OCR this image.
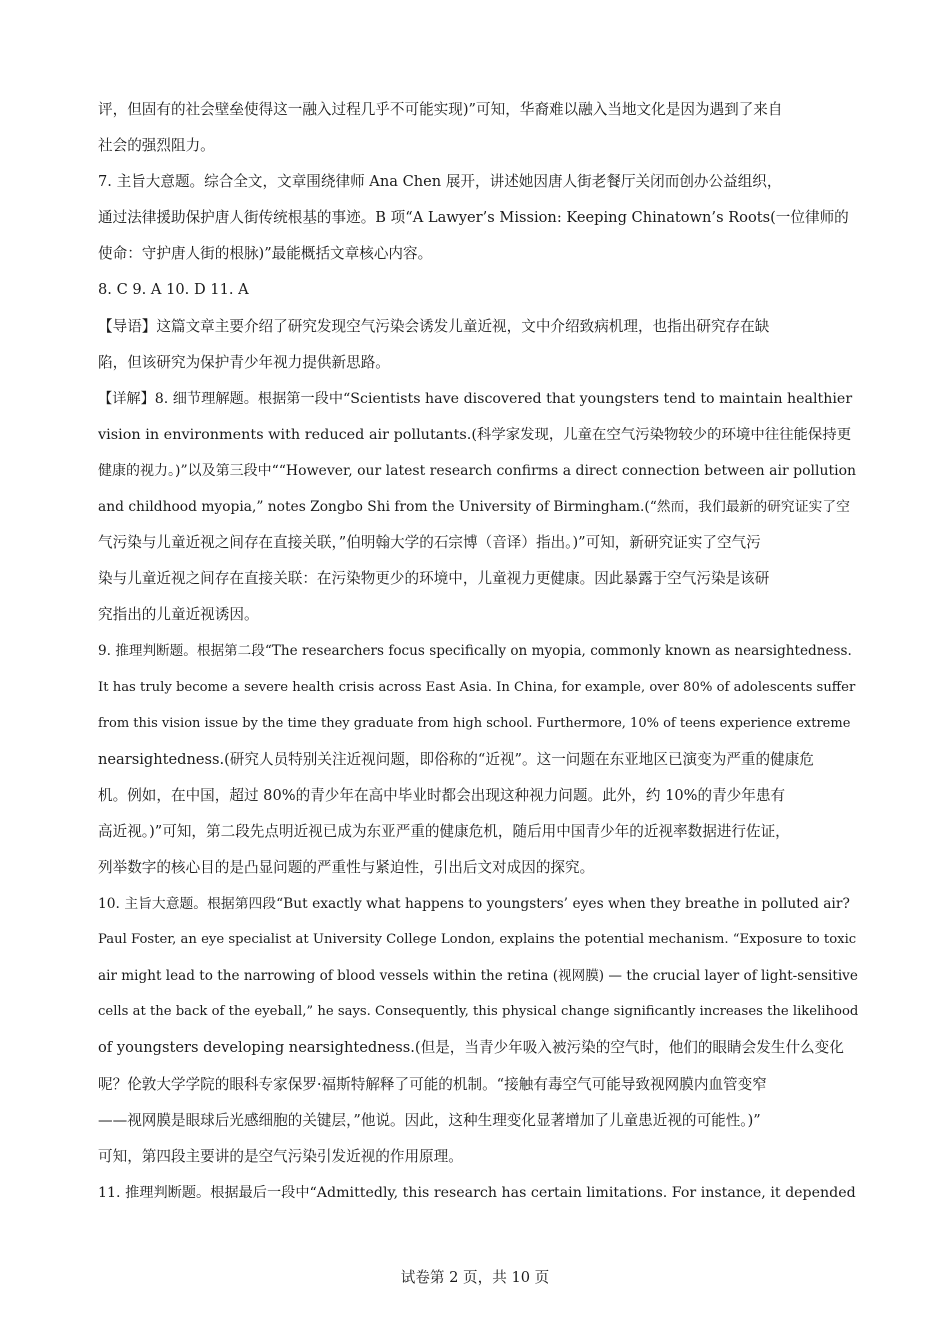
评，但固有的社会壁垒使得这一融入过程几乎不可能实现)”可知，华裔难以融入当地文化是因为遇到了来自
社会的强烈阻力。
7. 主旨大意题。综合全文，文章围绕律师 Ana Chen 展开，讲述她因唐人街老餐厅关闭而创办公益组织，
通过法律援助保护唐人街传统根基的事迹。B 项“A Lawyer’s Mission: Keeping Chinatown’s Roots(一位律师的
使命：守护唐人街的根脉)”最能概括文章核心内容。
8. C 9. A 10. D 11. A
【导语】这篇文章主要介绍了研究发现空气污染会诱发儿童近视，文中介绍致病机理，也指出研究存在缺
陷，但该研究为保护青少年视力提供新思路。
【详解】8. 细节理解题。根据第一段中“Scientists have discovered that youngsters tend to maintain healthier
vision in environments with reduced air pollutants.(科学家发现，儿童在空气污染物较少的环境中往往能保持更
健康的视力。)”以及第三段中““However, our latest research confirms a direct connection between air pollution
and childhood myopia,” notes Zongbo Shi from the University of Birmingham.(“然而，我们最新的研究证实了空
气污染与儿童近视之间存在直接关联，”伯明翰大学的石宗博（音译）指出。)”可知，新研究证实了空气污
染与儿童近视之间存在直接关联：在污染物更少的环境中，儿童视力更健康。因此暴露于空气污染是该研
究指出的儿童近视诱因。
9. 推理判断题。根据第二段“The researchers focus specifically on myopia, commonly known as nearsightedness.
It has truly become a severe health crisis across East Asia. In China, for example, over 80% of adolescents suffer
from this vision issue by the time they graduate from high school. Furthermore, 10% of teens experience extreme
nearsightedness.(研究人员特别关注近视问题，即俗称的“近视”。这一问题在东亚地区已演变为严重的健康危
机。例如，在中国，超过 80%的青少年在高中毕业时都会出现这种视力问题。此外，约 10%的青少年患有
高近视。)”可知，第二段先点明近视已成为东亚严重的健康危机，随后用中国青少年的近视率数据进行佐证，
列举数字的核心目的是凸显问题的严重性与紧迫性，引出后文对成因的探究。
10. 主旨大意题。根据第四段“But exactly what happens to youngsters’ eyes when they breathe in polluted air?
Paul Foster, an eye specialist at University College London, explains the potential mechanism. “Exposure to toxic
air might lead to the narrowing of blood vessels within the retina (视网膜) — the crucial layer of light-sensitive
cells at the back of the eyeball,” he says. Consequently, this physical change significantly increases the likelihood
of youngsters developing nearsightedness.(但是，当青少年吸入被污染的空气时，他们的眼睛会发生什么变化
呢？伦敦大学学院的眼科专家保罗·福斯特解释了可能的机制。“接触有毒空气可能导致视网膜内血管变窄
——视网膜是眼球后光感细胞的关键层，”他说。因此，这种生理变化显著增加了儿童患近视的可能性。)”
可知，第四段主要讲的是空气污染引发近视的作用原理。
11. 推理判断题。根据最后一段中“Admittedly, this research has certain limitations. For instance, it depended
试卷第 2 页，共 10 页
